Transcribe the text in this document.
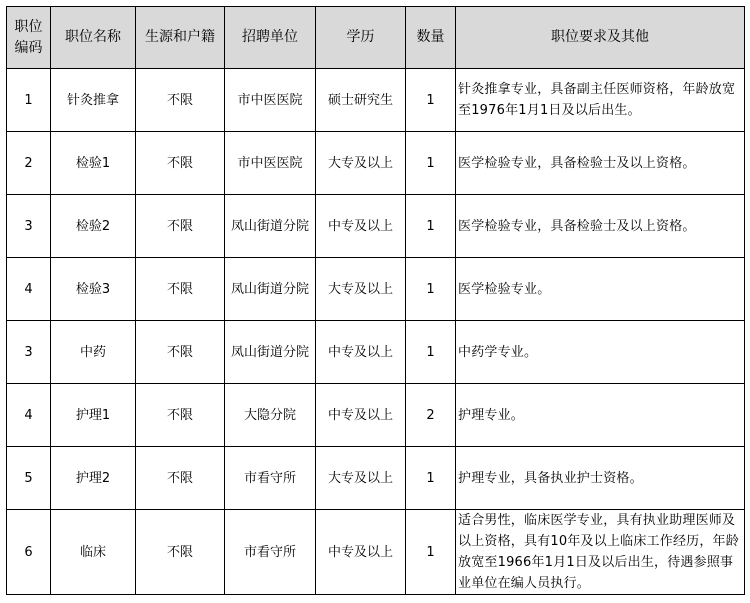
职位编码	职位名称	生源和户籍	招聘单位	学历	数量	职位要求及其他
1	针灸推拿	不限	市中医医院	硕士研究生	1	针灸推拿专业，具备副主任医师资格，年龄放宽至1976年1月1日及以后出生。
2	检验1	不限	市中医医院	大专及以上	1	医学检验专业，具备检验士及以上资格。
3	检验2	不限	凤山街道分院	中专及以上	1	医学检验专业，具备检验士及以上资格。
4	检验3	不限	凤山街道分院	大专及以上	1	医学检验专业。
3	中药	不限	凤山街道分院	中专及以上	1	中药学专业。
4	护理1	不限	大隐分院	中专及以上	2	护理专业。
5	护理2	不限	市看守所	大专及以上	1	护理专业，具备执业护士资格。
6	临床	不限	市看守所	中专及以上	1	适合男性，临床医学专业，具有执业助理医师及以上资格，具有10年及以上临床工作经历，年龄放宽至1966年1月1日及以后出生，待遇参照事业单位在编人员执行。
